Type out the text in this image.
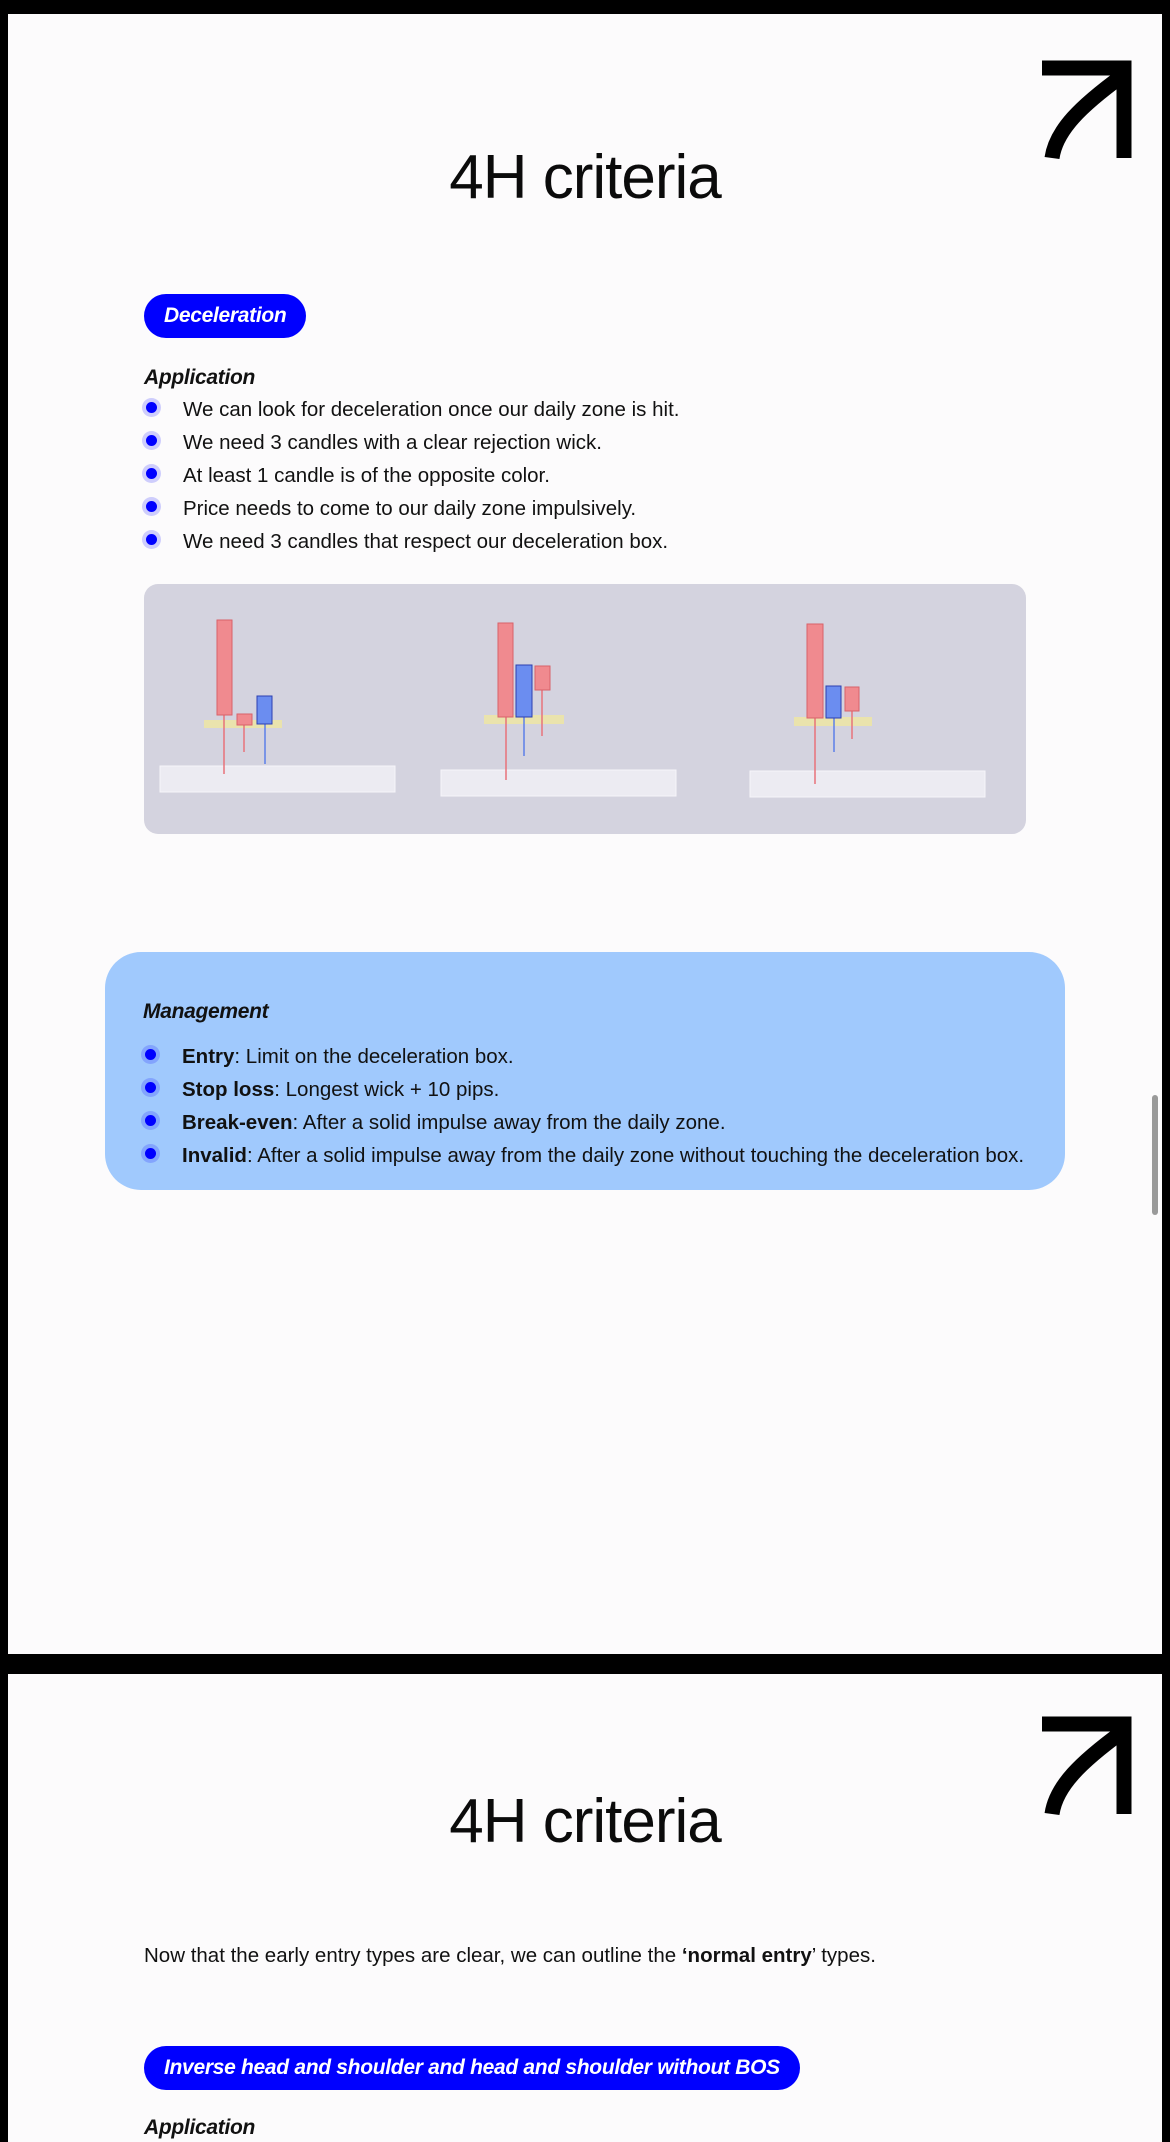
4H criteria
Deceleration
Application
We can look for deceleration once our daily zone is hit.
We need 3 candles with a clear rejection wick.
At least 1 candle is of the opposite color.
Price needs to come to our daily zone impulsively.
We need 3 candles that respect our deceleration box.
Management
Entry: Limit on the deceleration box.
Stop loss: Longest wick + 10 pips.
Break-even: After a solid impulse away from the daily zone.
Invalid: After a solid impulse away from the daily zone without touching the deceleration box.
4H criteria
Now that the early entry types are clear, we can outline the ‘normal entry’ types.
Inverse head and shoulder and head and shoulder without BOS
Application
